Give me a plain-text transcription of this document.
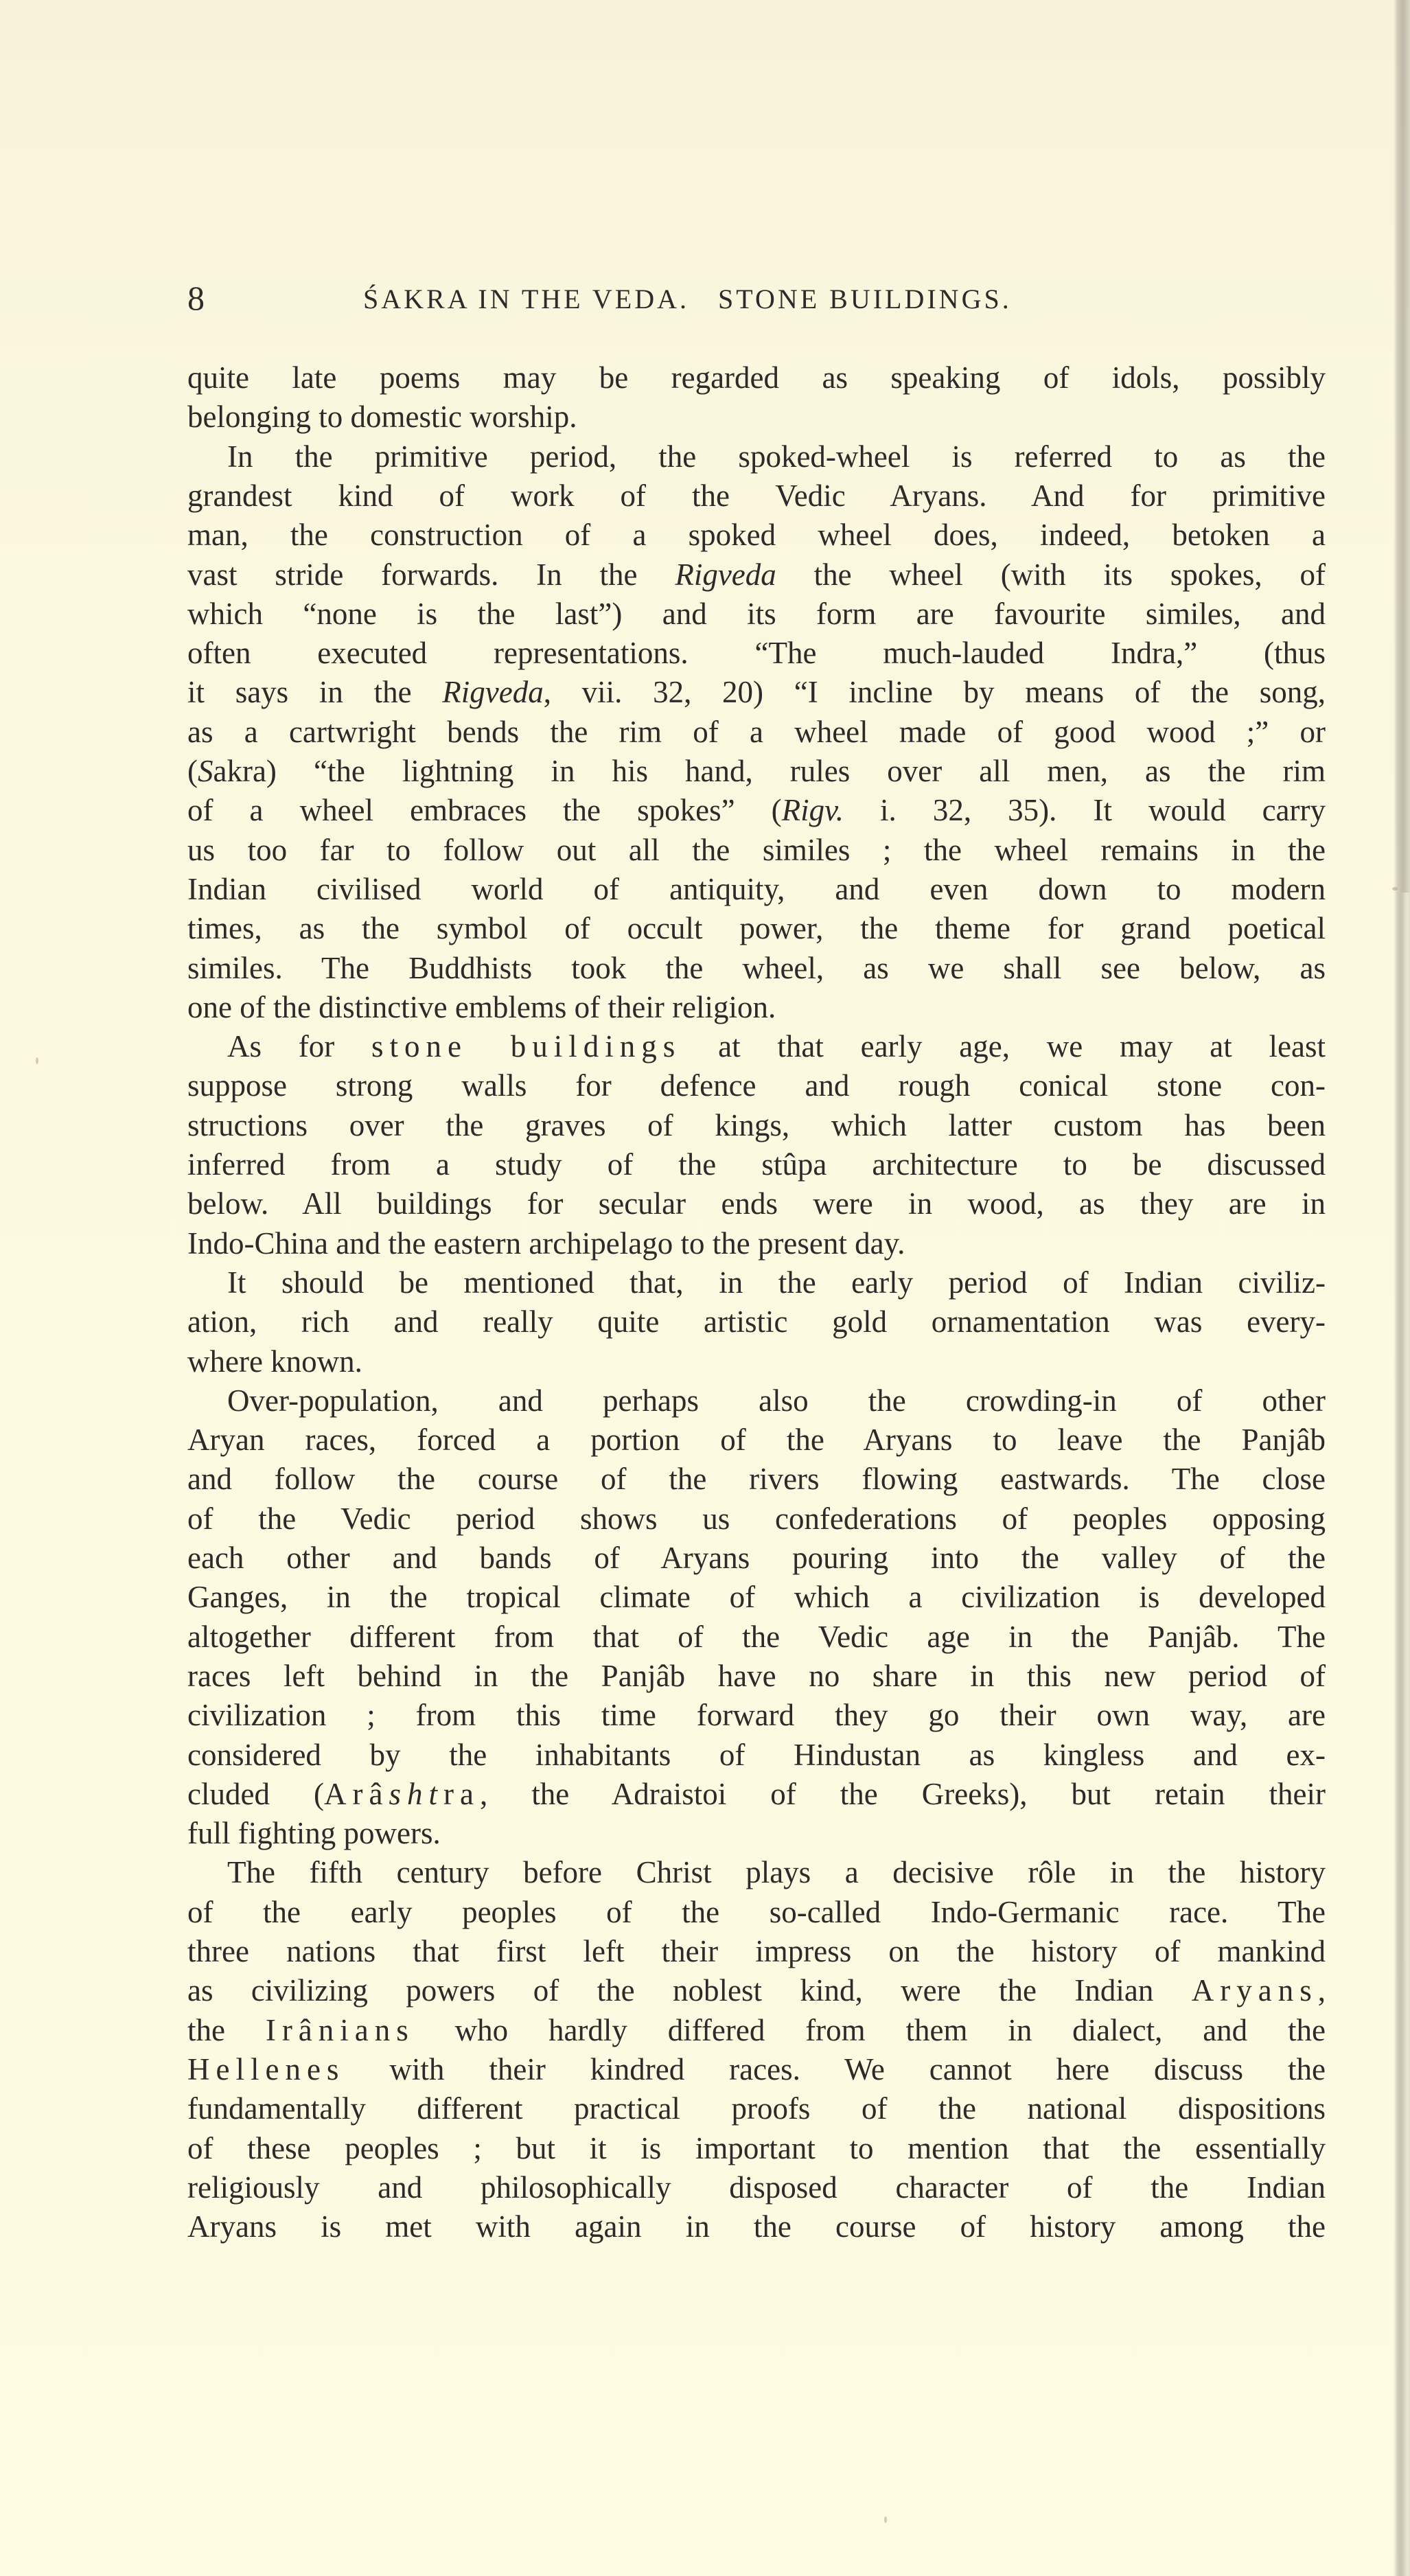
8	ŚAKRA IN THE VEDA.   STONE BUILDINGS.
quite late poems may be regarded as speaking of idols, possibly
belonging to domestic worship.
In the primitive period, the spoked-wheel is referred to as the
grandest kind of work of the Vedic Aryans. And for primitive
man, the construction of a spoked wheel does, indeed, betoken a
vast stride forwards. In the Rigveda the wheel (with its spokes, of
which “none is the last”) and its form are favourite similes, and
often executed representations. “The much-lauded Indra,” (thus
it says in the Rigveda, vii. 32, 20) “I incline by means of the song,
as a cartwright bends the rim of a wheel made of good wood ;” or
(Sakra) “the lightning in his hand, rules over all men, as the rim
of a wheel embraces the spokes” (Rigv. i. 32, 35). It would carry
us too far to follow out all the similes ; the wheel remains in the
Indian civilised world of antiquity, and even down to modern
times, as the symbol of occult power, the theme for grand poetical
similes. The Buddhists took the wheel, as we shall see below, as
one of the distinctive emblems of their religion.
As for stone buildings at that early age, we may at least
suppose strong walls for defence and rough conical stone con-
structions over the graves of kings, which latter custom has been
inferred from a study of the stûpa architecture to be discussed
below. All buildings for secular ends were in wood, as they are in
Indo-China and the eastern archipelago to the present day.
It should be mentioned that, in the early period of Indian civiliz-
ation, rich and really quite artistic gold ornamentation was every-
where known.
Over-population, and perhaps also the crowding-in of other
Aryan races, forced a portion of the Aryans to leave the Panjâb
and follow the course of the rivers flowing eastwards. The close
of the Vedic period shows us confederations of peoples opposing
each other and bands of Aryans pouring into the valley of the
Ganges, in the tropical climate of which a civilization is developed
altogether different from that of the Vedic age in the Panjâb. The
races left behind in the Panjâb have no share in this new period of
civilization ; from this time forward they go their own way, are
considered by the inhabitants of Hindustan as kingless and ex-
cluded (Arâshtra, the Adraistoi of the Greeks), but retain their
full fighting powers.
The fifth century before Christ plays a decisive rôle in the history
of the early peoples of the so-called Indo-Germanic race. The
three nations that first left their impress on the history of mankind
as civilizing powers of the noblest kind, were the Indian Aryans,
the Irânians who hardly differed from them in dialect, and the
Hellenes with their kindred races. We cannot here discuss the
fundamentally different practical proofs of the national dispositions
of these peoples ; but it is important to mention that the essentially
religiously and philosophically disposed character of the Indian
Aryans is met with again in the course of history among the
